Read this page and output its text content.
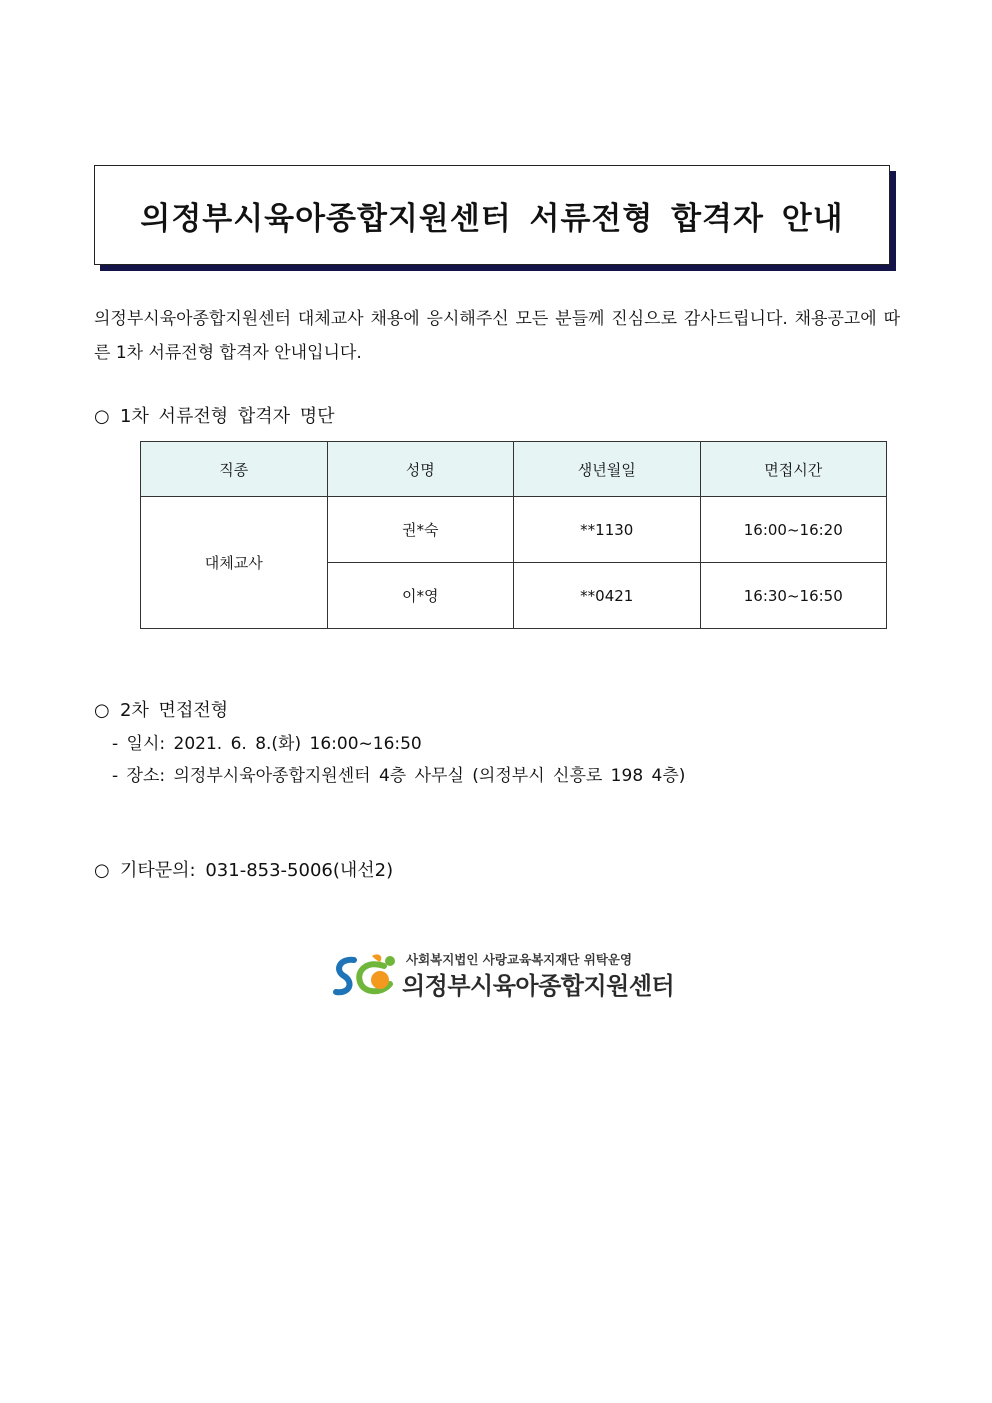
의정부시육아종합지원센터 서류전형 합격자 안내
의정부시육아종합지원센터 대체교사 채용에 응시해주신 모든 분들께 진심으로 감사드립니다. 채용공고에 따른 1차 서류전형 합격자 안내입니다.
○ 1차 서류전형 합격자 명단
직종	성명	생년월일	면접시간
대체교사	권*숙	**1130	16:00~16:20
	이*영	**0421	16:30~16:50
○ 2차 면접전형
- 일시: 2021. 6. 8.(화) 16:00~16:50
- 장소: 의정부시육아종합지원센터 4층 사무실 (의정부시 신흥로 198 4층)
○ 기타문의: 031-853-5006(내선2)
사회복지법인 사랑교육복지재단 위탁운영
의정부시육아종합지원센터
